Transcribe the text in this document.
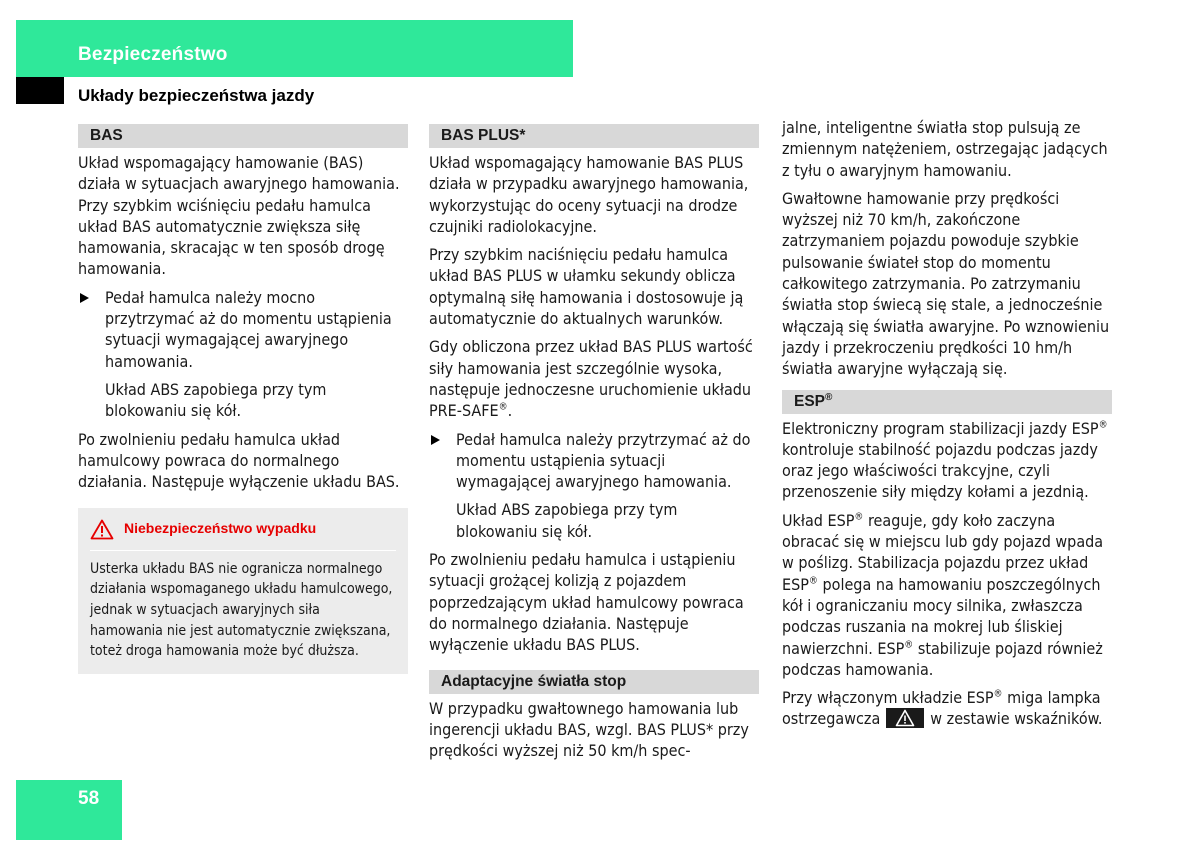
Bezpieczeństwo
Układy bezpieczeństwa jazdy
BAS

Układ wspomagający hamowanie (BAS) działa w sytuacjach awaryjnego hamowania. Przy szybkim wciśnięciu pedału hamulca układ BAS automatycznie zwiększa siłę hamowania, skracając w ten sposób drogę hamowania.

Pedał hamulca należy mocno przytrzymać aż do momentu ustąpienia sytuacji wymagającej awaryjnego hamowania.

Układ ABS zapobiega przy tym blokowaniu się kół.

Po zwolnieniu pedału hamulca układ hamulcowy powraca do normalnego działania. Następuje wyłączenie układu BAS.

Niebezpieczeństwo wypadku
Usterka układu BAS nie ogranicza normalnego działania wspomaganego układu hamulcowego, jednak w sytuacjach awaryjnych siła hamowania nie jest automatycznie zwiększana, toteż droga hamowania może być dłuższa.
BAS PLUS*

Układ wspomagający hamowanie BAS PLUS działa w przypadku awaryjnego hamowania, wykorzystując do oceny sytuacji na drodze czujniki radiolokacyjne.

Przy szybkim naciśnięciu pedału hamulca układ BAS PLUS w ułamku sekundy oblicza optymalną siłę hamowania i dostosowuje ją automatycznie do aktualnych warunków.

Gdy obliczona przez układ BAS PLUS wartość siły hamowania jest szczególnie wysoka, następuje jednoczesne uruchomienie układu PRE-SAFE®.

Pedał hamulca należy przytrzymać aż do momentu ustąpienia sytuacji wymagającej awaryjnego hamowania.

Układ ABS zapobiega przy tym blokowaniu się kół.

Po zwolnieniu pedału hamulca i ustąpieniu sytuacji grożącej kolizją z pojazdem poprzedzającym układ hamulcowy powraca do normalnego działania. Następuje wyłączenie układu BAS PLUS.

Adaptacyjne światła stop

W przypadku gwałtownego hamowania lub ingerencji układu BAS, wzgl. BAS PLUS* przy prędkości wyższej niż 50 km/h spec-

jalne, inteligentne światła stop pulsują ze zmiennym natężeniem, ostrzegając jadących z tyłu o awaryjnym hamowaniu.

Gwałtowne hamowanie przy prędkości wyższej niż 70 km/h, zakończone zatrzymaniem pojazdu powoduje szybkie pulsowanie świateł stop do momentu całkowitego zatrzymania. Po zatrzymaniu światła stop świecą się stale, a jednocześnie włączają się światła awaryjne. Po wznowieniu jazdy i przekroczeniu prędkości 10 hm/h światła awaryjne wyłączają się.

ESP®

Elektroniczny program stabilizacji jazdy ESP® kontroluje stabilność pojazdu podczas jazdy oraz jego właściwości trakcyjne, czyli przenoszenie siły między kołami a jezdnią.

Układ ESP® reaguje, gdy koło zaczyna obracać się w miejscu lub gdy pojazd wpada w poślizg. Stabilizacja pojazdu przez układ ESP® polega na hamowaniu poszczególnych kół i ograniczaniu mocy silnika, zwłaszcza podczas ruszania na mokrej lub śliskiej nawierzchni. ESP® stabilizuje pojazd również podczas hamowania.

Przy włączonym układzie ESP® miga lampka ostrzegawcza	w zestawie wskaźników.

58
